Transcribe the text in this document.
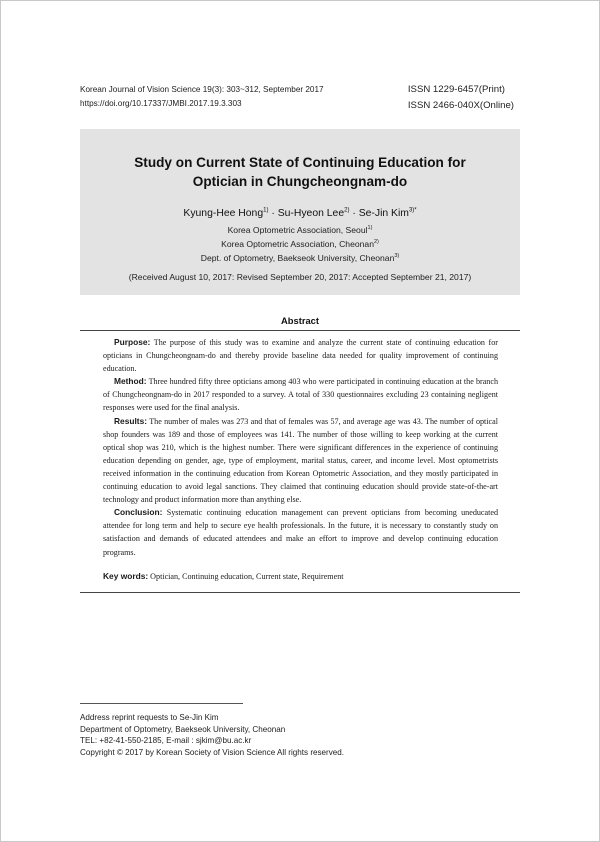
Korean Journal of Vision Science 19(3): 303~312, September 2017
https://doi.org/10.17337/JMBI.2017.19.3.303
ISSN 1229-6457(Print)
ISSN 2466-040X(Online)
Study on Current State of Continuing Education for
Optician in Chungcheongnam-do
Kyung-Hee Hong$^{1)}$ · Su-Hyeon Lee$^{2)}$ · Se-Jin Kim$^{3)*}$
Korea Optometric Association, Seoul$^{1)}$
Korea Optometric Association, Cheonan$^{2)}$
Dept. of Optometry, Baekseok University, Cheonan$^{3)}$
(Received August 10, 2017: Revised September 20, 2017: Accepted September 21, 2017)
Abstract

Purpose: The purpose of this study was to examine and analyze the current state of continuing education for opticians in Chungcheongnam-do and thereby provide baseline data needed for quality improvement of continuing education.

Method: Three hundred fifty three opticians among 403 who were participated in continuing education at the branch of Chungcheongnam-do in 2017 responded to a survey. A total of 330 questionnaires excluding 23 containing negligent responses were used for the final analysis.

Results: The number of males was 273 and that of females was 57, and average age was 43. The number of optical shop founders was 189 and those of employees was 141. The number of those willing to keep working at the current optical shop was 210, which is the highest number. There were significant differences in the experience of continuing education depending on gender, age, type of employment, marital status, career, and income level. Most optometrists received information in the continuing education from Korean Optometric Association, and they mostly participated in continuing education to avoid legal sanctions. They claimed that continuing education should provide state-of-the-art technology and product information more than anything else.

Conclusion: Systematic continuing education management can prevent opticians from becoming uneducated attendee for long term and help to secure eye health professionals. In the future, it is necessary to constantly study on satisfaction and demands of educated attendees and make an effort to improve and develop continuing education programs.

Key words: Optician, Continuing education, Current state, Requirement
Address reprint requests to Se-Jin Kim
Department of Optometry, Baekseok University, Cheonan
TEL: +82-41-550-2185, E-mail : sjkim@bu.ac.kr
Copyright © 2017 by Korean Society of Vision Science All rights reserved.
